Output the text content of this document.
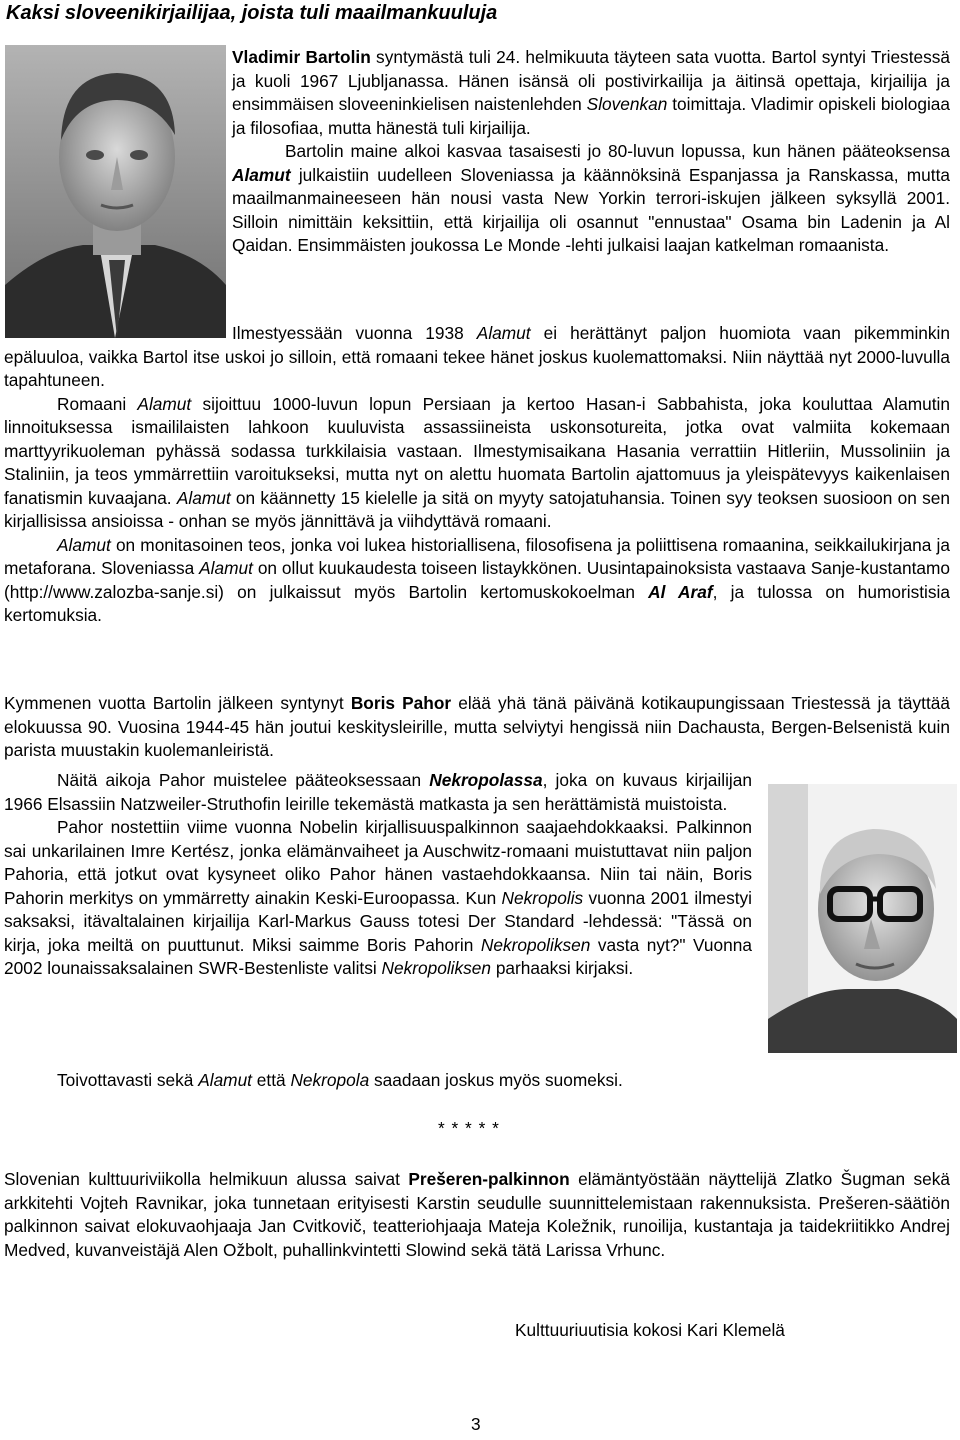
Kaksi sloveenikirjailijaa, joista tuli maailmankuuluja

Vladimir Bartolin syntymästä tuli 24. helmikuuta täyteen sata vuotta. Bartol syntyi Triestessä ja kuoli 1967 Ljubljanassa. Hänen isänsä oli postivirkailija ja äitinsä opettaja, kirjailija ja ensimmäisen sloveeninkielisen naistenlehden Slovenkan toimittaja. Vladimir opiskeli biologiaa ja filosofiaa, mutta hänestä tuli kirjailija.

Bartolin maine alkoi kasvaa tasaisesti jo 80-luvun lopussa, kun hänen pääteoksensa Alamut julkaistiin uudelleen Sloveniassa ja käännöksinä Espanjassa ja Ranskassa, mutta maailmanmaineeseen hän nousi vasta New Yorkin terrori-iskujen jälkeen syksyllä 2001. Silloin nimittäin keksittiin, että kirjailija oli osannut "ennustaa" Osama bin Ladenin ja Al Qaidan. Ensimmäisten joukossa Le Monde -lehti julkaisi laajan katkelman romaanista.

Ilmestyessään vuonna 1938 Alamut ei herättänyt paljon huomiota vaan pikemminkin epäluuloa, vaikka Bartol itse uskoi jo silloin, että romaani tekee hänet joskus kuolemattomaksi. Niin näyttää nyt 2000-luvulla tapahtuneen.

Romaani Alamut sijoittuu 1000-luvun lopun Persiaan ja kertoo Hasan-i Sabbahista, joka kouluttaa Alamutin linnoituksessa ismaililaisten lahkoon kuuluvista assassiineista uskonsotureita, jotka ovat valmiita kokemaan marttyyrikuoleman pyhässä sodassa turkkilaisia vastaan. Ilmestymisaikana Hasania verrattiin Hitleriin, Mussoliniin ja Staliniin, ja teos ymmärrettiin varoitukseksi, mutta nyt on alettu huomata Bartolin ajattomuus ja yleispätevyys kaikenlaisen fanatismin kuvaajana. Alamut on käännetty 15 kielelle ja sitä on myyty satojatuhansia. Toinen syy teoksen suosioon on sen kirjallisissa ansioissa - onhan se myös jännittävä ja viihdyttävä romaani.

Alamut on monitasoinen teos, jonka voi lukea historiallisena, filosofisena ja poliittisena romaanina, seikkailukirjana ja metaforana. Sloveniassa Alamut on ollut kuukaudesta toiseen listaykkönen. Uusintapainoksista vastaava Sanje-kustantamo (http://www.zalozba-sanje.si) on julkaissut myös Bartolin kertomuskokoelman Al Araf, ja tulossa on humoristisia kertomuksia.

Kymmenen vuotta Bartolin jälkeen syntynyt Boris Pahor elää yhä tänä päivänä kotikaupungissaan Triestessä ja täyttää elokuussa 90. Vuosina 1944-45 hän joutui keskitysleirille, mutta selviytyi hengissä niin Dachausta, Bergen-Belsenistä kuin parista muustakin kuolemanleiristä.

Näitä aikoja Pahor muistelee pääteoksessaan Nekropolassa, joka on kuvaus kirjailijan 1966 Elsassiin Natzweiler-Struthofin leirille tekemästä matkasta ja sen herättämistä muistoista.

Pahor nostettiin viime vuonna Nobelin kirjallisuuspalkinnon saajaehdokkaaksi. Palkinnon sai unkarilainen Imre Kertész, jonka elämänvaiheet ja Auschwitz-romaani muistuttavat niin paljon Pahoria, että jotkut ovat kysyneet oliko Pahor hänen vastaehdokkaansa. Niin tai näin, Boris Pahorin merkitys on ymmärretty ainakin Keski-Euroopassa. Kun Nekropolis vuonna 2001 ilmestyi saksaksi, itävaltalainen kirjailija Karl-Markus Gauss totesi Der Standard -lehdessä: "Tässä on kirja, joka meiltä on puuttunut. Miksi saimme Boris Pahorin Nekropoliksen vasta nyt?" Vuonna 2002 lounaissaksalainen SWR-Bestenliste valitsi Nekropoliksen parhaaksi kirjaksi.

Toivottavasti sekä Alamut että Nekropola saadaan joskus myös suomeksi.
* * * * *

Slovenian kulttuuriviikolla helmikuun alussa saivat Prešeren-palkinnon elämäntyöstään näyttelijä Zlatko Šugman sekä arkkitehti Vojteh Ravnikar, joka tunnetaan erityisesti Karstin seudulle suunnittelemistaan rakennuksista. Prešeren-säätiön palkinnon saivat elokuvaohjaaja Jan Cvitkovič, teatteriohjaaja Mateja Koležnik, runoilija, kustantaja ja taidekriitikko Andrej Medved, kuvanveistäjä Alen Ožbolt, puhallinkvintetti Slowind sekä tätä Larissa Vrhunc.

Kulttuuriuutisia kokosi Kari Klemelä
3
